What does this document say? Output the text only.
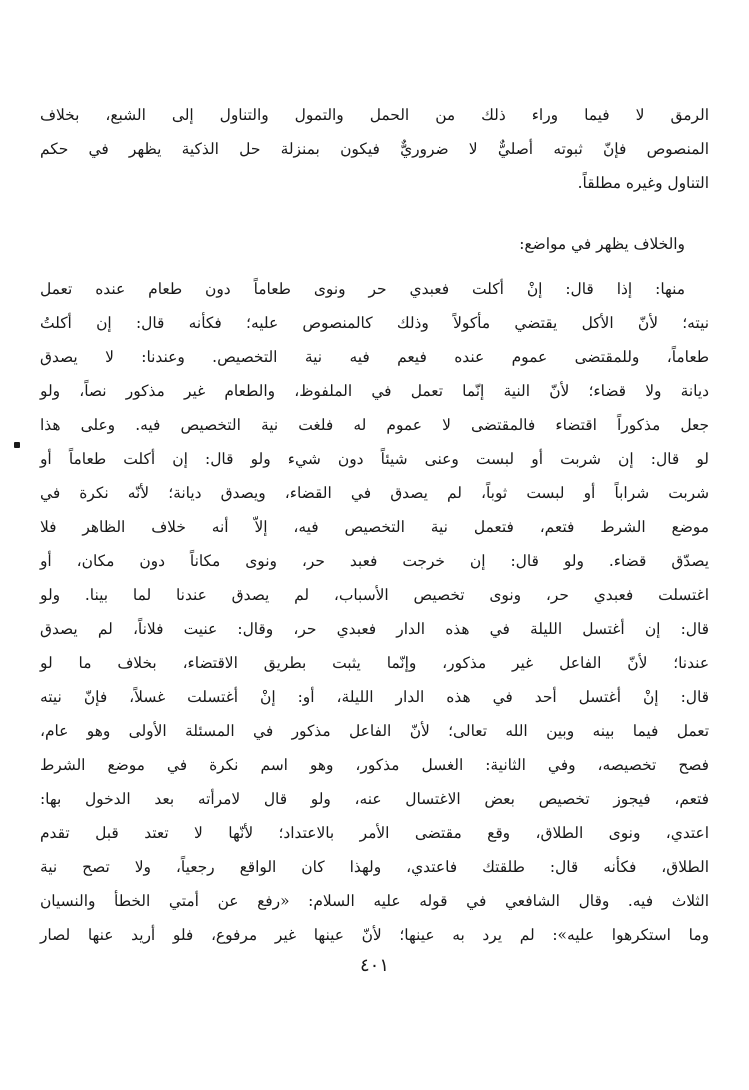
الرمق لا فيما وراء ذلك من الحمل والتمول والتناول إلى الشبع، بخلاف
المنصوص فإنّ ثبوته أصليٌّ لا ضروريٌّ فيكون بمنزلة حل الذكية يظهر في حكم
التناول وغيره مطلقاً.
والخلاف يظهر في مواضع:
منها: إذا قال: إنْ أكلت فعبدي حر ونوى طعاماً دون طعام عنده تعمل
نيته؛ لأنّ الأكل يقتضي مأكولاً وذلك كالمنصوص عليه؛ فكأنه قال: إن أكلتُ
طعاماً، وللمقتضى عموم عنده فيعم فيه نية التخصيص. وعندنا: لا يصدق
ديانة ولا قضاء؛ لأنّ النية إنّما تعمل في الملفوظ، والطعام غير مذكور نصاً، ولو
جعل مذكوراً اقتضاء فالمقتضى لا عموم له فلغت نية التخصيص فيه. وعلى هذا
لو قال: إن شربت أو لبست وعنى شيئاً دون شيء ولو قال: إن أكلت طعاماً أو
شربت شراباً أو لبست ثوباً، لم يصدق في القضاء، ويصدق ديانة؛ لأنّه نكرة في
موضع الشرط فتعم، فتعمل نية التخصيص فيه، إلاّ أنه خلاف الظاهر فلا
يصدّق قضاء. ولو قال: إن خرجت فعبد حر، ونوى مكاناً دون مكان، أو
اغتسلت فعبدي حر، ونوى تخصيص الأسباب، لم يصدق عندنا لما بينا. ولو
قال: إن أغتسل الليلة في هذه الدار فعبدي حر، وقال: عنيت فلاناً، لم يصدق
عندنا؛ لأنّ الفاعل غير مذكور، وإنّما يثبت بطريق الاقتضاء، بخلاف ما لو
قال: إنْ أغتسل أحد في هذه الدار الليلة، أو: إنْ أغتسلت غسلاً، فإنّ نيته
تعمل فيما بينه وبين الله تعالى؛ لأنّ الفاعل مذكور في المسئلة الأولى وهو عام،
فصح تخصيصه، وفي الثانية: الغسل مذكور، وهو اسم نكرة في موضع الشرط
فتعم، فيجوز تخصيص بعض الاغتسال عنه، ولو قال لامرأته بعد الدخول بها:
اعتدي، ونوى الطلاق، وقع مقتضى الأمر بالاعتداد؛ لأنّها لا تعتد قبل تقدم
الطلاق، فكأنه قال: طلقتك فاعتدي، ولهذا كان الواقع رجعياً، ولا تصح نية
الثلاث فيه. وقال الشافعي في قوله عليه السلام: «رفع عن أمتي الخطأ والنسيان
وما استكرهوا عليه»: لم يرد به عينها؛ لأنّ عينها غير مرفوع، فلو أريد عنها لصار
٤٠١
